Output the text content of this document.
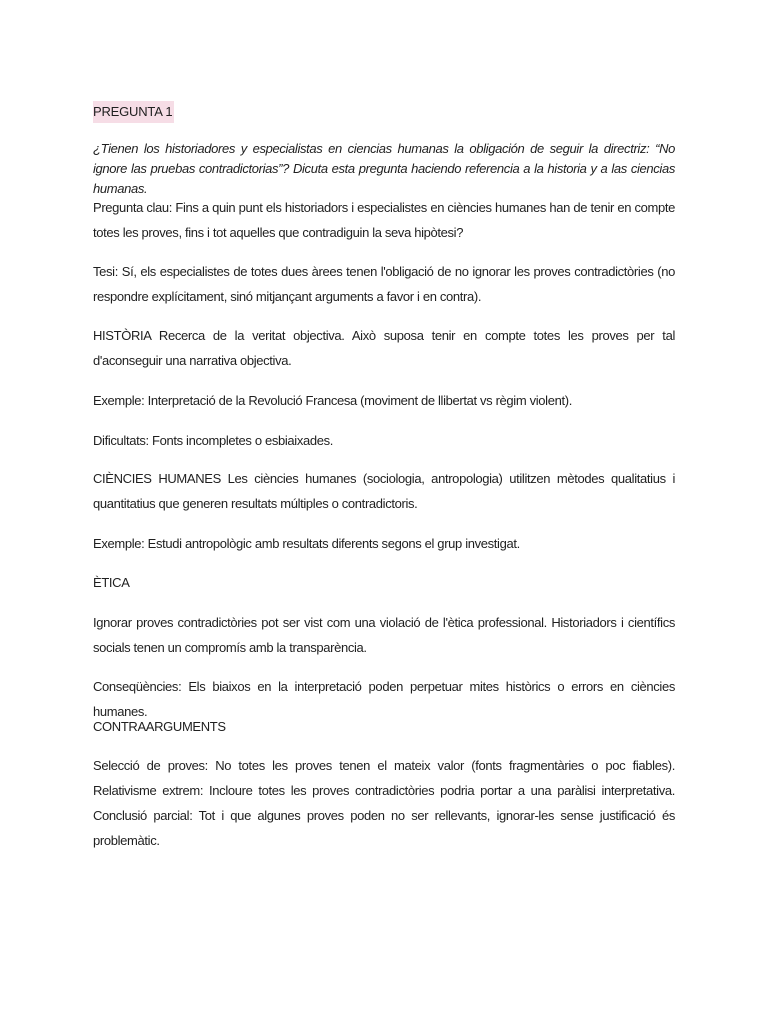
PREGUNTA 1
¿Tienen los historiadores y especialistas en ciencias humanas la obligación de seguir la directriz: “No ignore las pruebas contradictorias”? Dicuta esta pregunta haciendo referencia a la historia y a las ciencias humanas.

Pregunta clau: Fins a quin punt els historiadors i especialistes en ciències humanes han de tenir en compte totes les proves, fins i tot aquelles que contradiguin la seva hipòtesi?

Tesi: Sí, els especialistes de totes dues àrees tenen l'obligació de no ignorar les proves contradictòries (no respondre explícitament, sinó mitjançant arguments a favor i en contra).

HISTÒRIA Recerca de la veritat objectiva. Això suposa tenir en compte totes les proves per tal d'aconseguir una narrativa objectiva.

Exemple: Interpretació de la Revolució Francesa (moviment de llibertat vs règim violent).

Dificultats: Fonts incompletes o esbiaixades.

CIÈNCIES HUMANES Les ciències humanes (sociologia, antropologia) utilitzen mètodes qualitatius i quantitatius que generen resultats múltiples o contradictoris.

Exemple: Estudi antropològic amb resultats diferents segons el grup investigat.

ÈTICA

Ignorar proves contradictòries pot ser vist com una violació de l'ètica professional. Historiadors i científics socials tenen un compromís amb la transparència.

Conseqüències: Els biaixos en la interpretació poden perpetuar mites històrics o errors en ciències humanes.

CONTRAARGUMENTS

Selecció de proves: No totes les proves tenen el mateix valor (fonts fragmentàries o poc fiables). Relativisme extrem: Incloure totes les proves contradictòries podria portar a una paràlisi interpretativa. Conclusió parcial: Tot i que algunes proves poden no ser rellevants, ignorar-les sense justificació és problemàtic.
